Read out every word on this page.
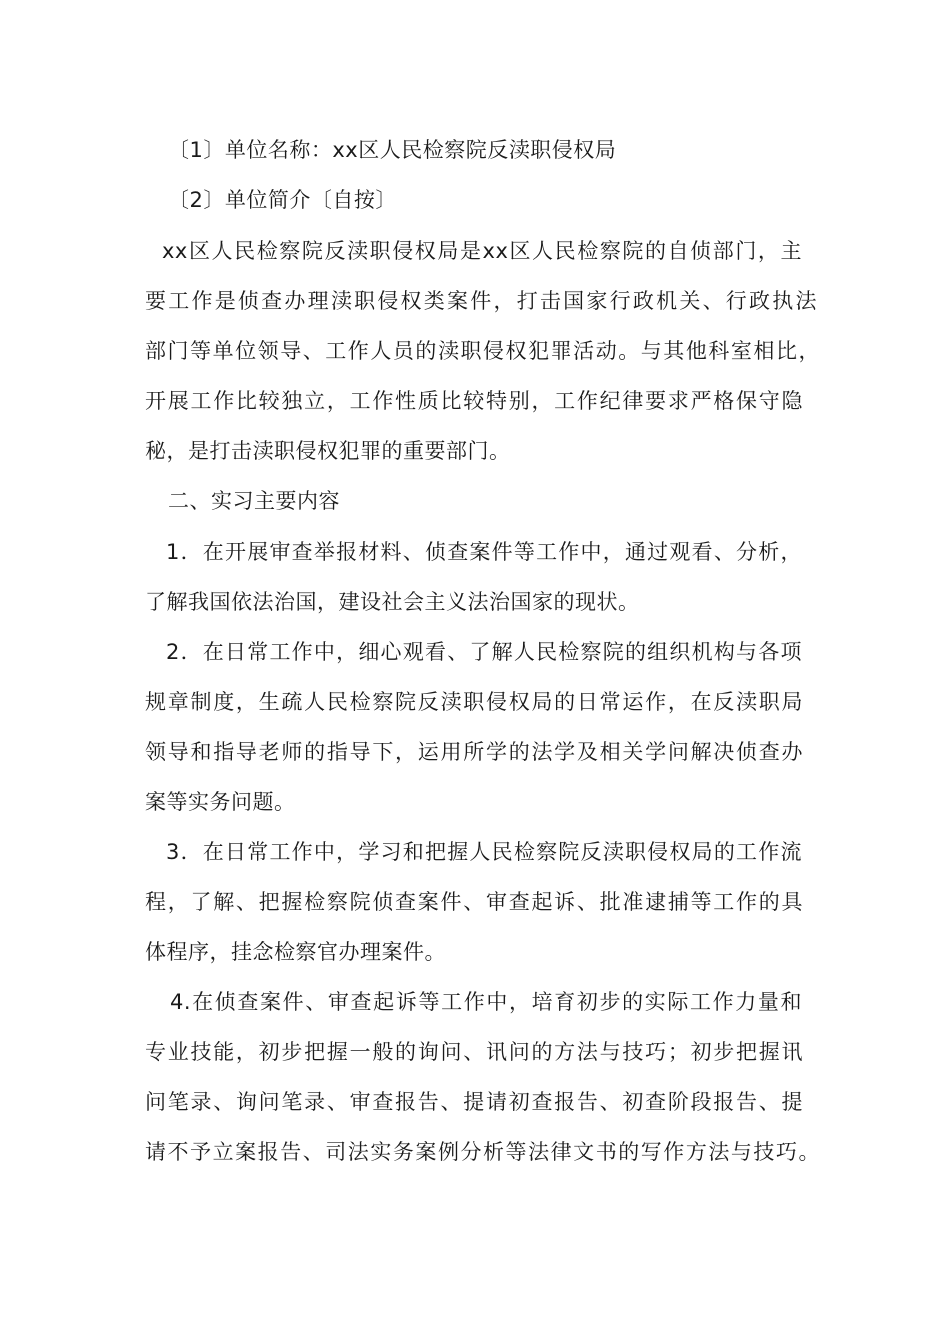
〔1〕单位名称：xx区人民检察院反渎职侵权局
〔2〕单位简介〔自按〕
xx区人民检察院反渎职侵权局是xx区人民检察院的自侦部门，主
要工作是侦查办理渎职侵权类案件，打击国家行政机关、行政执法
部门等单位领导、工作人员的渎职侵权犯罪活动。与其他科室相比，
开展工作比较独立，工作性质比较特别，工作纪律要求严格保守隐
秘，是打击渎职侵权犯罪的重要部门。
二、实习主要内容
1．在开展审查举报材料、侦查案件等工作中，通过观看、分析，
了解我国依法治国，建设社会主义法治国家的现状。
2．在日常工作中，细心观看、了解人民检察院的组织机构与各项
规章制度，生疏人民检察院反渎职侵权局的日常运作，在反渎职局
领导和指导老师的指导下，运用所学的法学及相关学问解决侦查办
案等实务问题。
3．在日常工作中，学习和把握人民检察院反渎职侵权局的工作流
程，了解、把握检察院侦查案件、审查起诉、批准逮捕等工作的具
体程序，挂念检察官办理案件。
4.在侦查案件、审查起诉等工作中，培育初步的实际工作力量和
专业技能，初步把握一般的询问、讯问的方法与技巧；初步把握讯
问笔录、询问笔录、审查报告、提请初查报告、初查阶段报告、提
请不予立案报告、司法实务案例分析等法律文书的写作方法与技巧。
